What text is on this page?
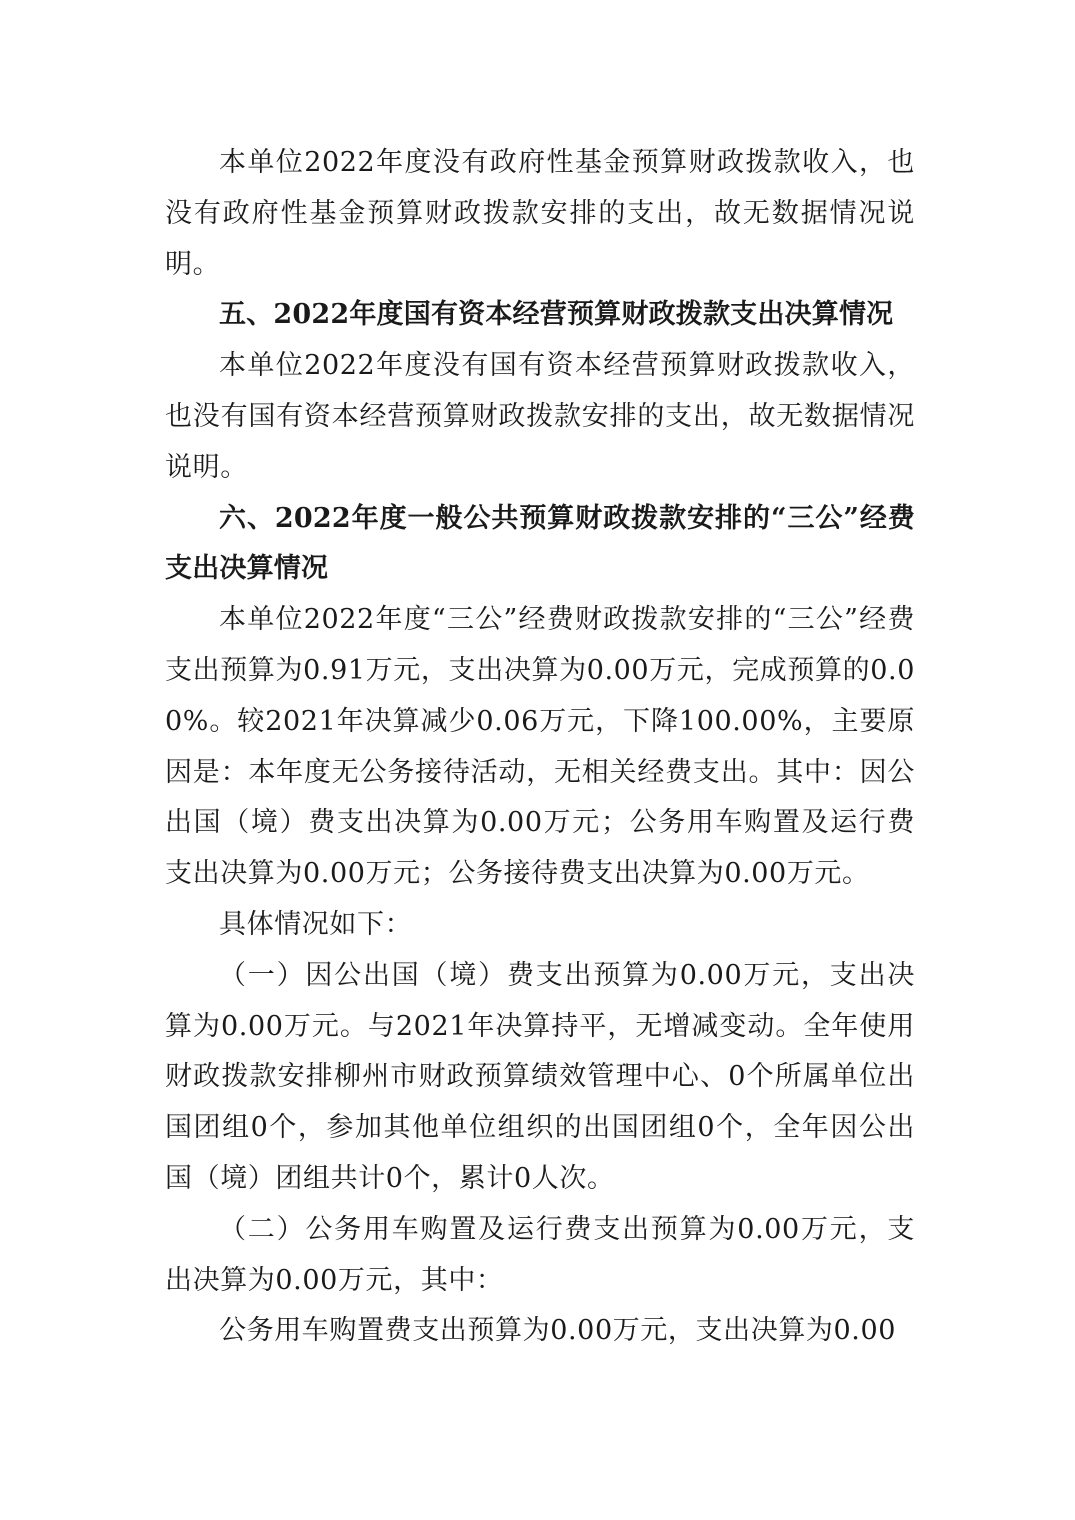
本单位2022年度没有政府性基金预算财政拨款收入，也没有政府性基金预算财政拨款安排的支出，故无数据情况说明。

五、2022年度国有资本经营预算财政拨款支出决算情况

本单位2022年度没有国有资本经营预算财政拨款收入，也没有国有资本经营预算财政拨款安排的支出，故无数据情况说明。

六、2022年度一般公共预算财政拨款安排的“三公”经费支出决算情况

本单位2022年度“三公”经费财政拨款安排的“三公”经费支出预算为0.91万元，支出决算为0.00万元，完成预算的0.00%。较2021年决算减少0.06万元，下降100.00%，主要原因是：本年度无公务接待活动，无相关经费支出。其中：因公出国（境）费支出决算为0.00万元；公务用车购置及运行费支出决算为0.00万元；公务接待费支出决算为0.00万元。

具体情况如下：

（一）因公出国（境）费支出预算为0.00万元，支出决算为0.00万元。与2021年决算持平，无增减变动。全年使用财政拨款安排柳州市财政预算绩效管理中心、0个所属单位出国团组0个，参加其他单位组织的出国团组0个，全年因公出国（境）团组共计0个，累计0人次。

（二）公务用车购置及运行费支出预算为0.00万元，支出决算为0.00万元，其中：

公务用车购置费支出预算为0.00万元，支出决算为0.00
